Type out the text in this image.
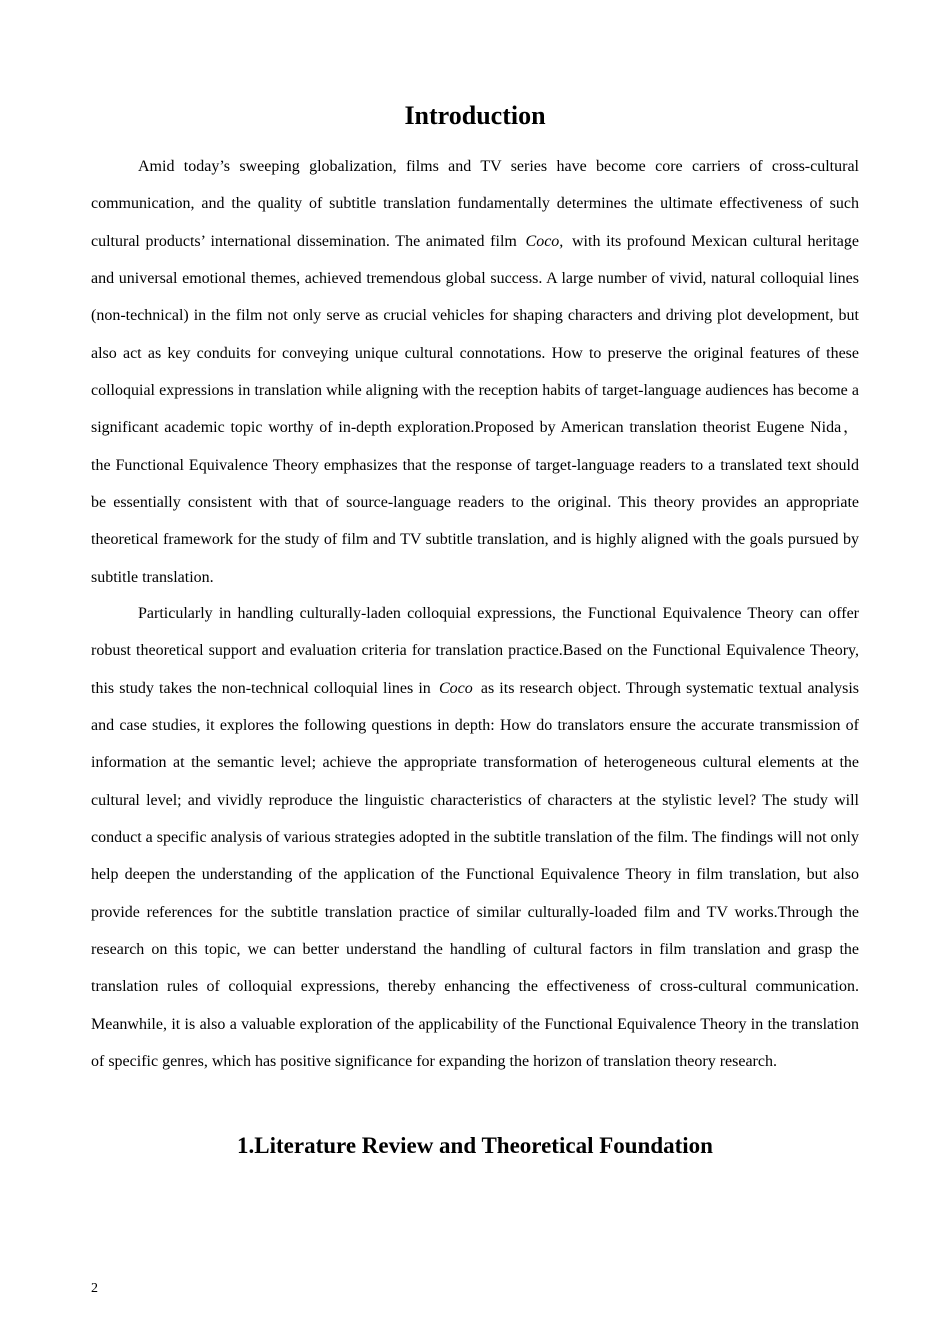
Introduction

Amid today’s sweeping globalization, films and TV series have become core carriers of cross-cultural communication, and the quality of subtitle translation fundamentally determines the ultimate effectiveness of such cultural products’ international dissemination. The animated film Coco, with its profound Mexican cultural heritage and universal emotional themes, achieved tremendous global success. A large number of vivid, natural colloquial lines (non-technical) in the film not only serve as crucial vehicles for shaping characters and driving plot development, but also act as key conduits for conveying unique cultural connotations. How to preserve the original features of these colloquial expressions in translation while aligning with the reception habits of target-language audiences has become a significant academic topic worthy of in-depth exploration.Proposed by American translation theorist Eugene Nida， the Functional Equivalence Theory emphasizes that the response of target-language readers to a translated text should be essentially consistent with that of source-language readers to the original. This theory provides an appropriate theoretical framework for the study of film and TV subtitle translation, and is highly aligned with the goals pursued by subtitle translation.

Particularly in handling culturally-laden colloquial expressions, the Functional Equivalence Theory can offer robust theoretical support and evaluation criteria for translation practice.Based on the Functional Equivalence Theory, this study takes the non-technical colloquial lines in Coco as its research object. Through systematic textual analysis and case studies, it explores the following questions in depth: How do translators ensure the accurate transmission of information at the semantic level; achieve the appropriate transformation of heterogeneous cultural elements at the cultural level; and vividly reproduce the linguistic characteristics of characters at the stylistic level? The study will conduct a specific analysis of various strategies adopted in the subtitle translation of the film. The findings will not only help deepen the understanding of the application of the Functional Equivalence Theory in film translation, but also provide references for the subtitle translation practice of similar culturally-loaded film and TV works.Through the research on this topic, we can better understand the handling of cultural factors in film translation and grasp the translation rules of colloquial expressions, thereby enhancing the effectiveness of cross-cultural communication. Meanwhile, it is also a valuable exploration of the applicability of the Functional Equivalence Theory in the translation of specific genres, which has positive significance for expanding the horizon of translation theory research.

1.Literature Review and Theoretical Foundation

2
